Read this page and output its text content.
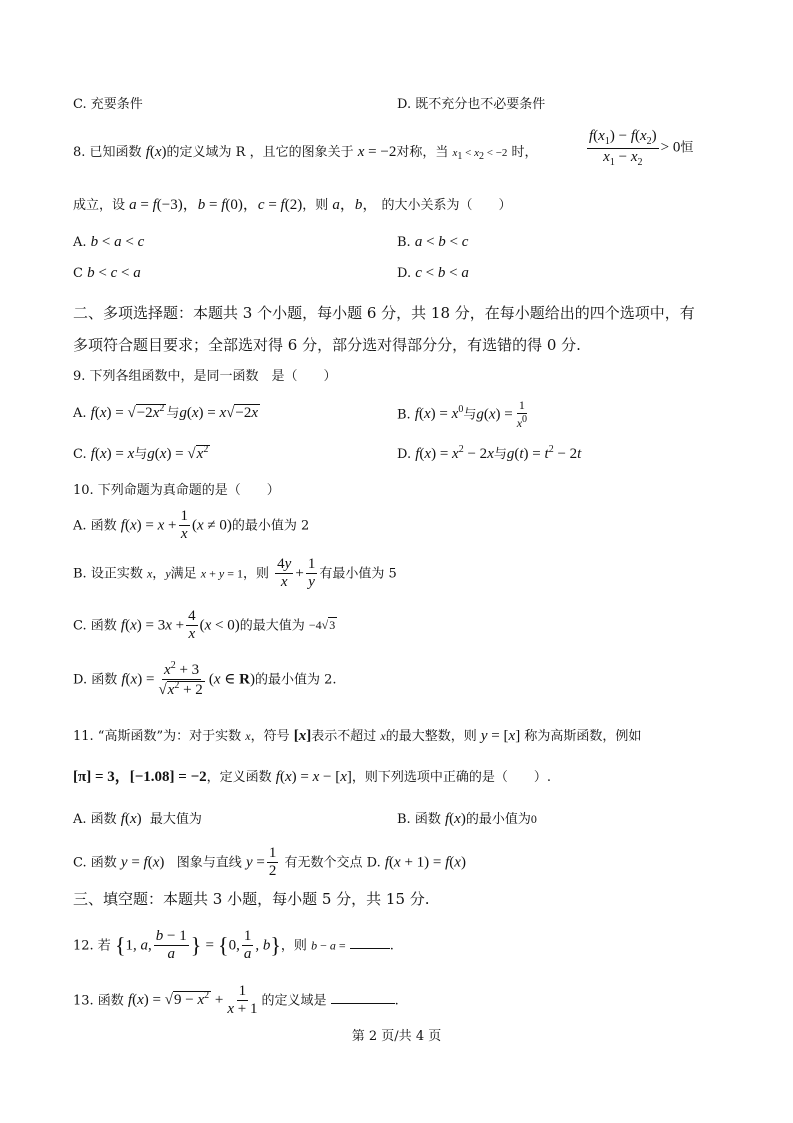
C. 充要条件	D. 既不充分也不必要条件
8. 已知函数 f(x)的定义域为 R ，且它的图象关于 x = −2对称，当 $x_1 < x_2 < -2$ 时，	$\frac{f(x_1) - f(x_2)}{x_1 - x_2} > 0$恒
成立，设 a = f(−3)，b = f(0)，c = f(2)，则 a，b， 的大小关系为（　　）
A. b < a < c	B. a < b < c
C b < c < a	D. c < b < a
二、多项选择题：本题共 3 个小题，每小题 6 分，共 18 分，在每小题给出的四个选项中，有
多项符合题目要求；全部选对得 6 分，部分选对得部分分，有选错的得 0 分.
9. 下列各组函数中，是同一函数　是（　　）
A. $f(x) = √-2x^2$ 与g(x) = x√−2x	B. $f(x) = x^0$与$g(x) = \frac{1}{x^0}$
C. f(x) = x与$g(x) = √x^2$	D. $f(x) = x^2 - 2x$与$g(t) = t^2 - 2t$
10. 下列命题为真命题的是（　　）
A. 函数 $f(x) = x + \frac{1}{x} (x \ne 0)$的最小值为 2
B. 设正实数 x，y满足 x + y = 1，则 $\frac{4y}{x} + \frac{1}{y}$ 有最小值为 5
C. 函数 $f(x) = 3x + \frac{4}{x} (x < 0)$的最大值为 −4√3
D. 函数 $f(x) = \frac{x^2 + 3}{√x^2 + 2} (x$ ∈ R)的最小值为 2.
11. “高斯函数”为：对于实数 x，符号 [x]表示不超过 x的最大整数，则 y = [x] 称为高斯函数，例如
[π] = 3，[−1.08] = −2，定义函数 f(x) = x − [x]，则下列选项中正确的是（　　）.
A. 函数 f(x) 最大值为	B. 函数 f(x)的最小值为0
C. 函数 y = f(x) 图象与直线 $y = \frac{1}{2}$ 有无数个交点 D. f(x + 1) = f(x)
三、填空题：本题共 3 小题，每小题 5 分，共 15 分.
12. 若 {1, a, $\frac{b - 1}{a}$ } = {0, $\frac{1}{a}$ , b}，则 b − a =	.
13. 函数 $f(x) = √9 - x^2 + \frac{1}{x + 1}$ 的定义域是	.
第 2 页/共 4 页
